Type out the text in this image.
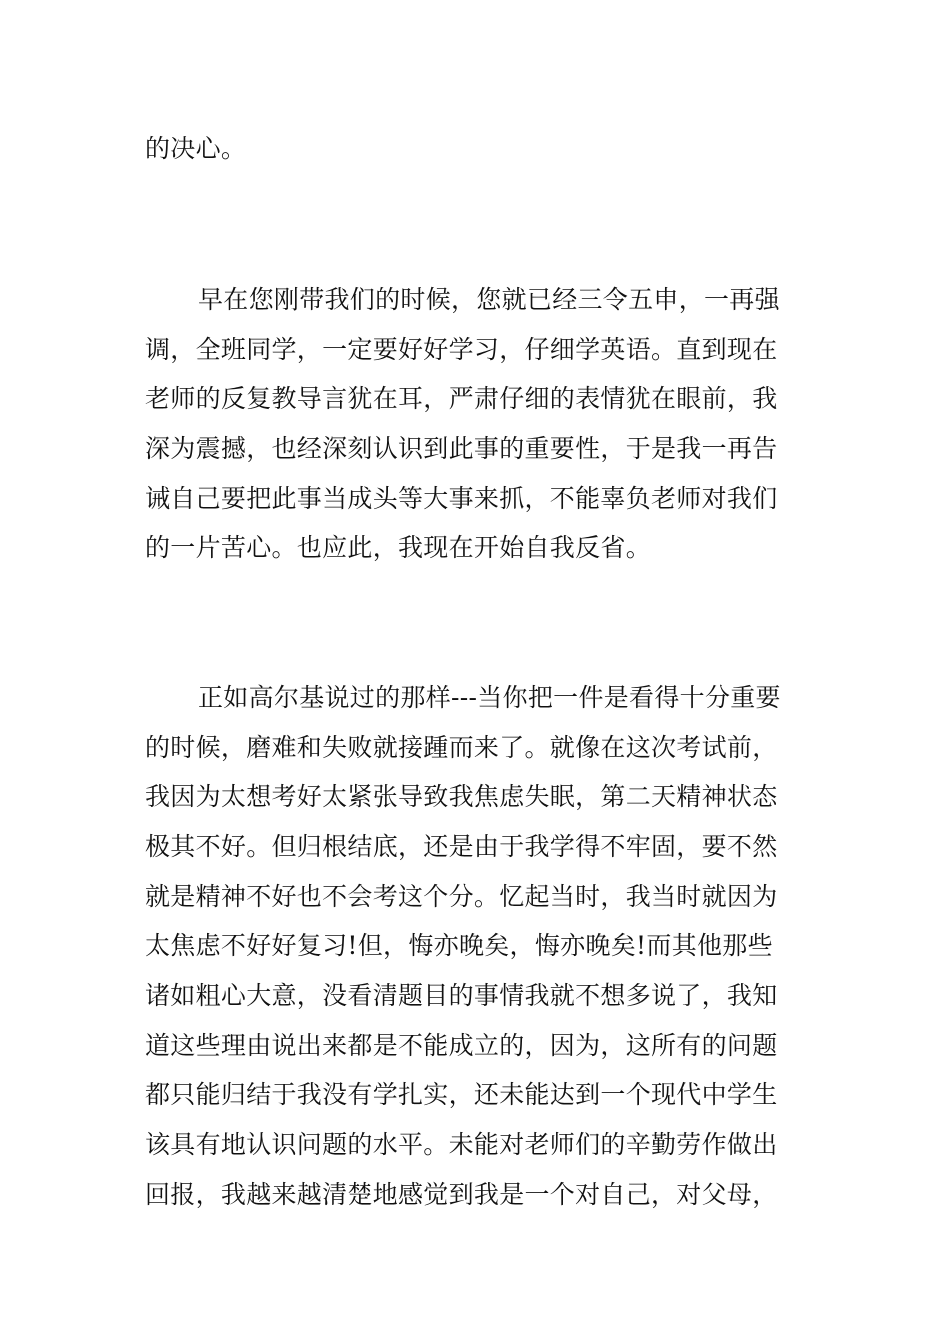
的决心。
早在您刚带我们的时候，您就已经三令五申，一再强
调，全班同学，一定要好好学习，仔细学英语。直到现在
老师的反复教导言犹在耳，严肃仔细的表情犹在眼前，我
深为震撼，也经深刻认识到此事的重要性，于是我一再告
诫自己要把此事当成头等大事来抓，不能辜负老师对我们
的一片苦心。也应此，我现在开始自我反省。
正如高尔基说过的那样---当你把一件是看得十分重要
的时候，磨难和失败就接踵而来了。就像在这次考试前，
我因为太想考好太紧张导致我焦虑失眠，第二天精神状态
极其不好。但归根结底，还是由于我学得不牢固，要不然
就是精神不好也不会考这个分。忆起当时，我当时就因为
太焦虑不好好复习!但，悔亦晚矣，悔亦晚矣!而其他那些
诸如粗心大意，没看清题目的事情我就不想多说了，我知
道这些理由说出来都是不能成立的，因为，这所有的问题
都只能归结于我没有学扎实，还未能达到一个现代中学生
该具有地认识问题的水平。未能对老师们的辛勤劳作做出
回报，我越来越清楚地感觉到我是一个对自己，对父母，
